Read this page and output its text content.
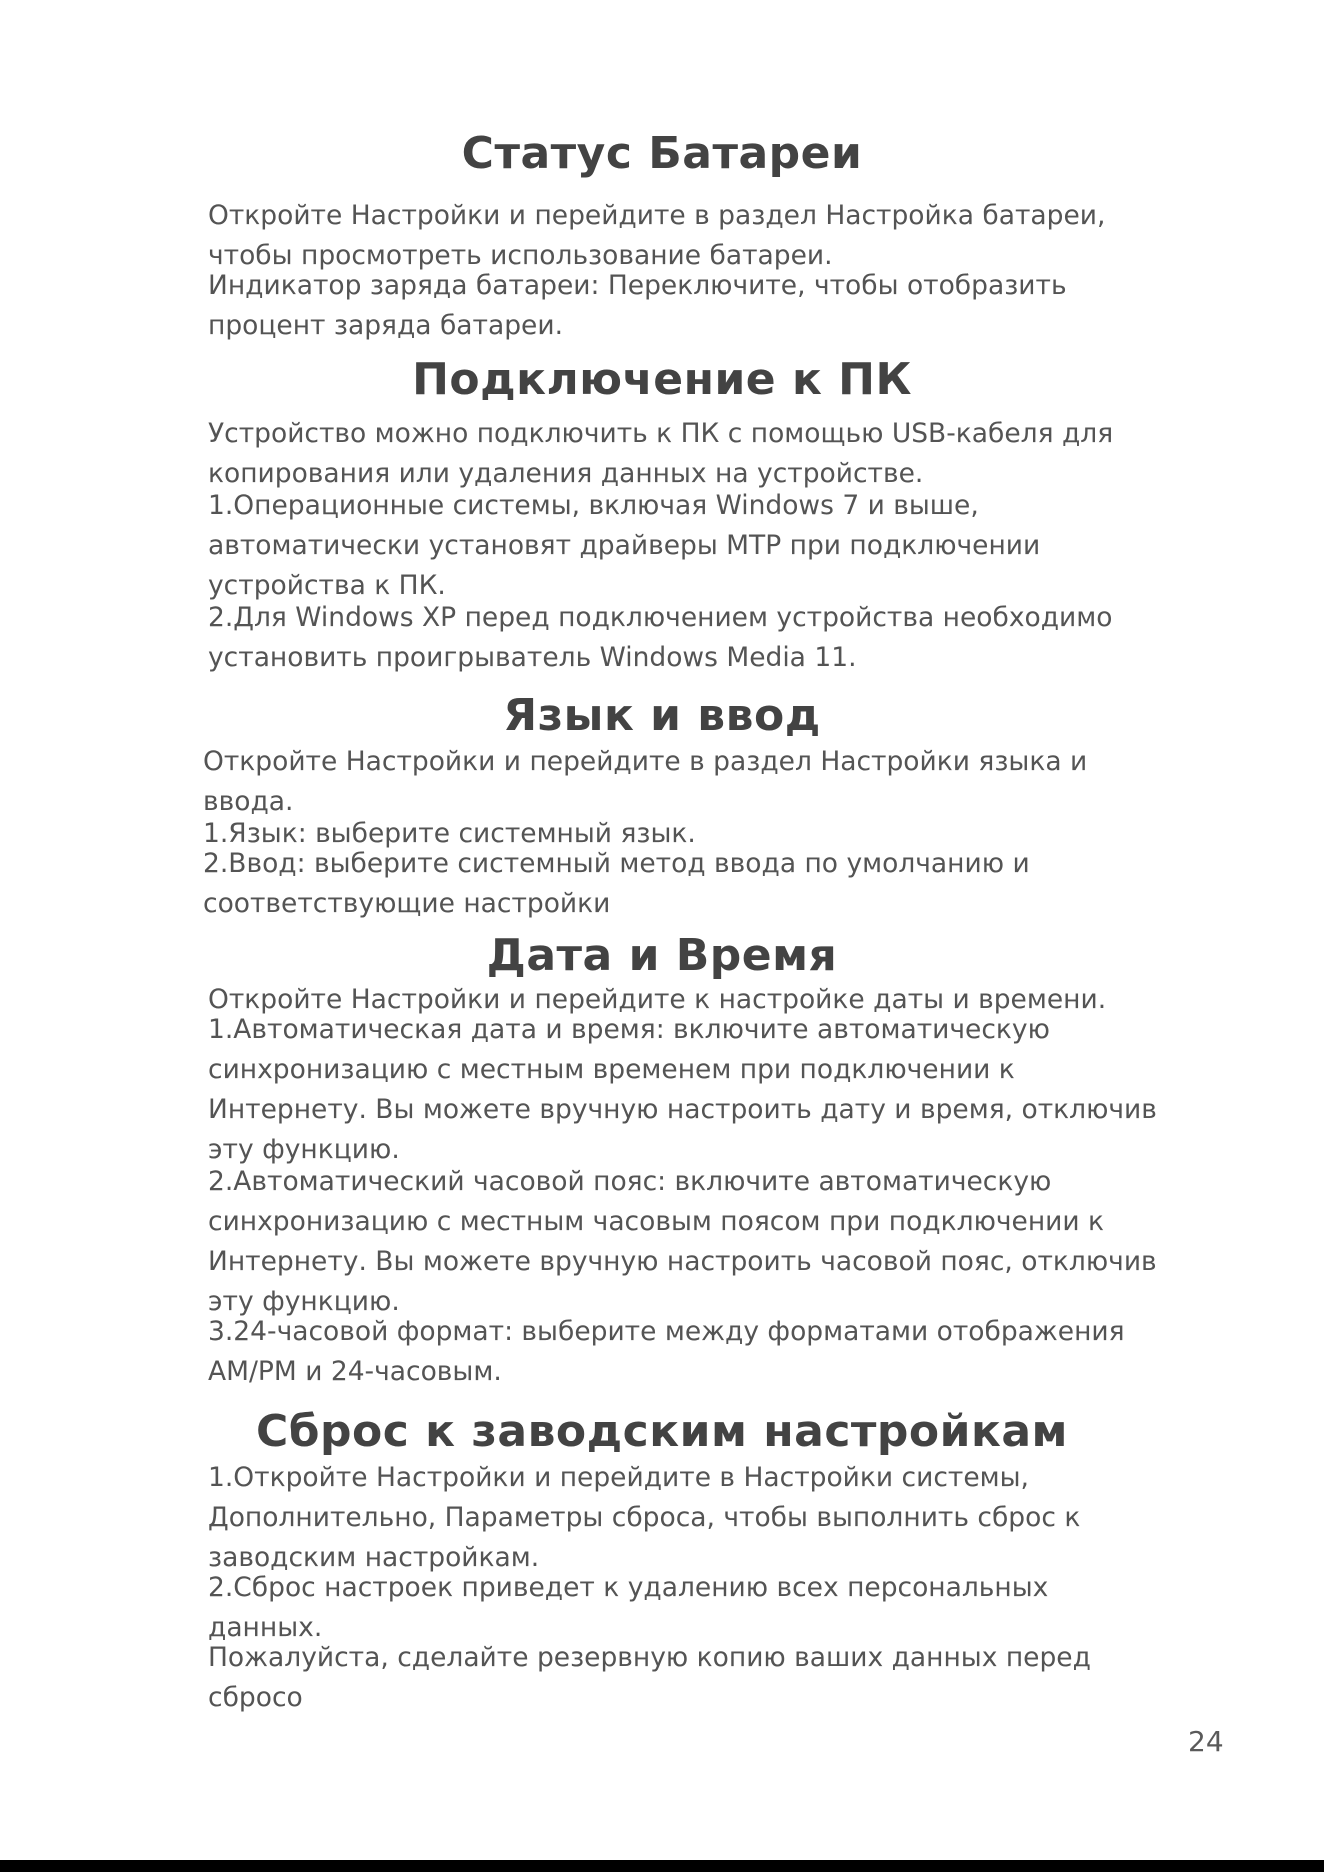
Статус Батареи

Откройте Настройки и перейдите в раздел Настройка батареи,
чтобы просмотреть использование батареи.

Индикатор заряда батареи: Переключите, чтобы отобразить
процент заряда батареи.

Подключение к ПК

Устройство можно подключить к ПК с помощью USB-кабеля для
копирования или удаления данных на устройстве.

1.Операционные системы, включая Windows 7 и выше,
автоматически установят драйверы MTP при подключении
устройства к ПК.

2.Для Windows XP перед подключением устройства необходимо
установить проигрыватель Windows Media 11.

Язык и ввод

Откройте Настройки и перейдите в раздел Настройки языка и
ввода.

1.Язык: выберите системный язык.

2.Ввод: выберите системный метод ввода по умолчанию и
соответствующие настройки

Дата и Время

Откройте Настройки и перейдите к настройке даты и времени.

1.Автоматическая дата и время: включите автоматическую
синхронизацию с местным временем при подключении к
Интернету. Вы можете вручную настроить дату и время, отключив
эту функцию.

2.Автоматический часовой пояс: включите автоматическую
синхронизацию с местным часовым поясом при подключении к
Интернету. Вы можете вручную настроить часовой пояс, отключив
эту функцию.

3.24-часовой формат: выберите между форматами отображения
AM/PM и 24-часовым.

Сброс к заводским настройкам

1.Откройте Настройки и перейдите в Настройки системы,
Дополнительно, Параметры сброса, чтобы выполнить сброс к
заводским настройкам.

2.Сброс настроек приведет к удалению всех персональных
данных.

Пожалуйста, сделайте резервную копию ваших данных перед
сбросо

24
